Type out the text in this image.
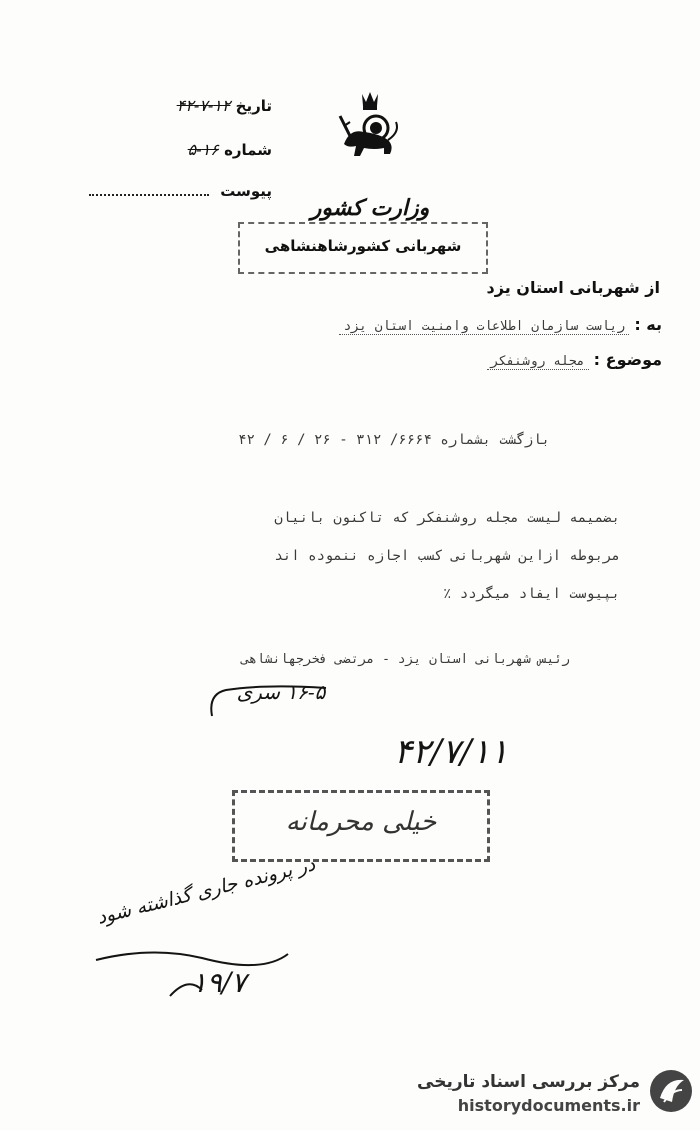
تاریخ ۱۲-۷-۴۲
شماره ۱۶-۵
پیوست
وزارت کشور
شهربانی کشورشاهنشاهی
از شهربانی استان یزد
به : ریاست سازمان اطلاعات وامنیت استان یزد
موضوع : مجله روشنفکر
بازگشت بشماره ۶۶۶۴/ ۳۱۲ - ۲۶ / ۶ / ۴۲
بضمیمه لیست مجله روشنفکر که تاکنون بانیان
مربوطه ازاین شهربانی کسب اجازه ننموده اند
بپیوست ایفاد میگردد ٪
رئیس شهربانی استان یزد - مرتضی فخرجهانشاهی
۱۶-۵ سری
۴۲/۷/۱۱
خیلی محرمانه
در پرونده جاری گذاشته شود
۱۹/۷
مرکز بررسی اسناد تاریخی
historydocuments.ir
